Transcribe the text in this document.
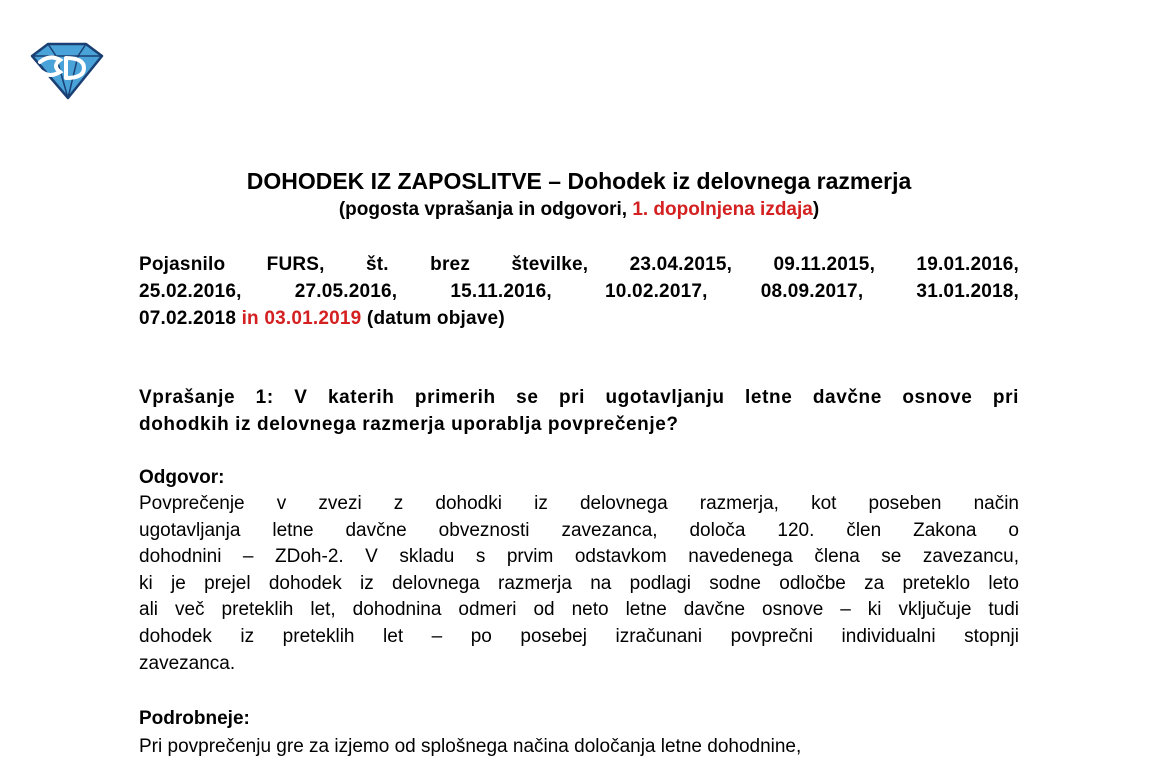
DOHODEK IZ ZAPOSLITVE – Dohodek iz delovnega razmerja
(pogosta vprašanja in odgovori, 1. dopolnjena izdaja)
Pojasnilo FURS, št. brez številke, 23.04.2015, 09.11.2015, 19.01.2016,
25.02.2016, 27.05.2016, 15.11.2016, 10.02.2017, 08.09.2017, 31.01.2018,
07.02.2018 in 03.01.2019 (datum objave)
Vprašanje 1: V katerih primerih se pri ugotavljanju letne davčne osnove pri
dohodkih iz delovnega razmerja uporablja povprečenje?
Odgovor:
Povprečenje v zvezi z dohodki iz delovnega razmerja, kot poseben način
ugotavljanja letne davčne obveznosti zavezanca, določa 120. člen Zakona o
dohodnini – ZDoh-2. V skladu s prvim odstavkom navedenega člena se zavezancu,
ki je prejel dohodek iz delovnega razmerja na podlagi sodne odločbe za preteklo leto
ali več preteklih let, dohodnina odmeri od neto letne davčne osnove – ki vključuje tudi
dohodek iz preteklih let – po posebej izračunani povprečni individualni stopnji
zavezanca.
Podrobneje:
Pri povprečenju gre za izjemo od splošnega načina določanja letne dohodnine,
